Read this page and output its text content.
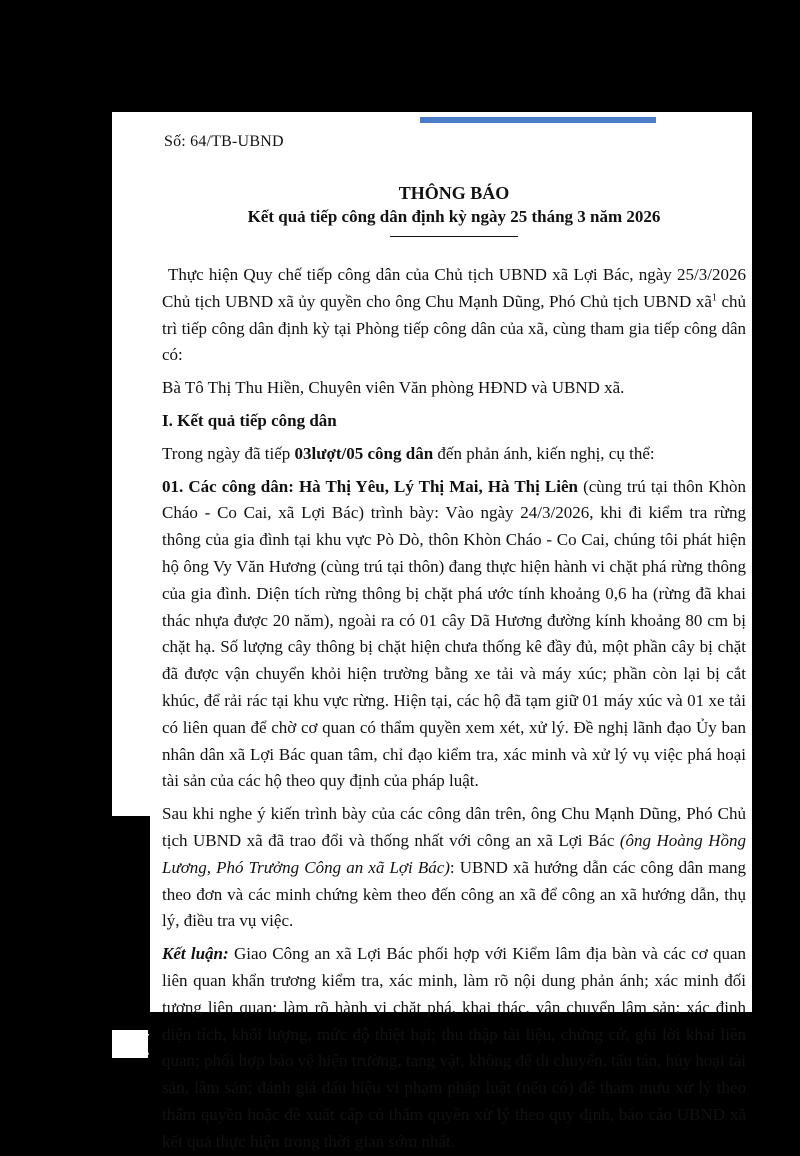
Số: 64/TB-UBND
THÔNG BÁO
Kết quả tiếp công dân định kỳ ngày 25 tháng 3 năm 2026

Thực hiện Quy chế tiếp công dân của Chủ tịch UBND xã Lợi Bác, ngày 25/3/2026 Chủ tịch UBND xã ủy quyền cho ông Chu Mạnh Dũng, Phó Chủ tịch UBND $xã^1$ chủ trì tiếp công dân định kỳ tại Phòng tiếp công dân của xã, cùng tham gia tiếp công dân có:

Bà Tô Thị Thu Hiền, Chuyên viên Văn phòng HĐND và UBND xã.

I. Kết quả tiếp công dân

Trong ngày đã tiếp 03lượt/05 công dân đến phản ánh, kiến nghị, cụ thể:

01. Các công dân: Hà Thị Yêu, Lý Thị Mai, Hà Thị Liên (cùng trú tại thôn Khòn Cháo - Co Cai, xã Lợi Bác) trình bày: Vào ngày 24/3/2026, khi đi kiểm tra rừng thông của gia đình tại khu vực Pò Dò, thôn Khòn Cháo - Co Cai, chúng tôi phát hiện hộ ông Vy Văn Hương (cùng trú tại thôn) đang thực hiện hành vi chặt phá rừng thông của gia đình. Diện tích rừng thông bị chặt phá ước tính khoảng 0,6 ha (rừng đã khai thác nhựa được 20 năm), ngoài ra có 01 cây Dã Hương đường kính khoảng 80 cm bị chặt hạ. Số lượng cây thông bị chặt hiện chưa thống kê đầy đủ, một phần cây bị chặt đã được vận chuyển khỏi hiện trường bằng xe tải và máy xúc; phần còn lại bị cắt khúc, để rải rác tại khu vực rừng. Hiện tại, các hộ đã tạm giữ 01 máy xúc và 01 xe tải có liên quan để chờ cơ quan có thẩm quyền xem xét, xử lý. Đề nghị lãnh đạo Ủy ban nhân dân xã Lợi Bác quan tâm, chỉ đạo kiểm tra, xác minh và xử lý vụ việc phá hoại tài sản của các hộ theo quy định của pháp luật.

Sau khi nghe ý kiến trình bày của các công dân trên, ông Chu Mạnh Dũng, Phó Chủ tịch UBND xã đã trao đổi và thống nhất với công an xã Lợi Bác (ông Hoàng Hồng Lương, Phó Trưởng Công an xã Lợi Bác): UBND xã hướng dẫn các công dân mang theo đơn và các minh chứng kèm theo đến công an xã để công an xã hướng dẫn, thụ lý, điều tra vụ việc.

Kết luận: Giao Công an xã Lợi Bác phối hợp với Kiểm lâm địa bàn và các cơ quan liên quan khẩn trương kiểm tra, xác minh, làm rõ nội dung phản ánh; xác minh đối tượng liên quan; làm rõ hành vi chặt phá, khai thác, vận chuyển lâm sản; xác định diện tích, khối lượng, mức độ thiệt hại; thu thập tài liệu, chứng cứ, ghi lời khai liên quan; phối hợp bảo vệ hiện trường, tang vật, không để di chuyển, tẩu tán, hủy hoại tài sản, lâm sản; đánh giá dấu hiệu vi phạm pháp luật (nếu có) để tham mưu xử lý theo thẩm quyền hoặc đề xuất cấp có thẩm quyền xử lý theo quy định, báo cáo UBND xã kết quả thực hiện trong thời gian sớm nhất.

(
